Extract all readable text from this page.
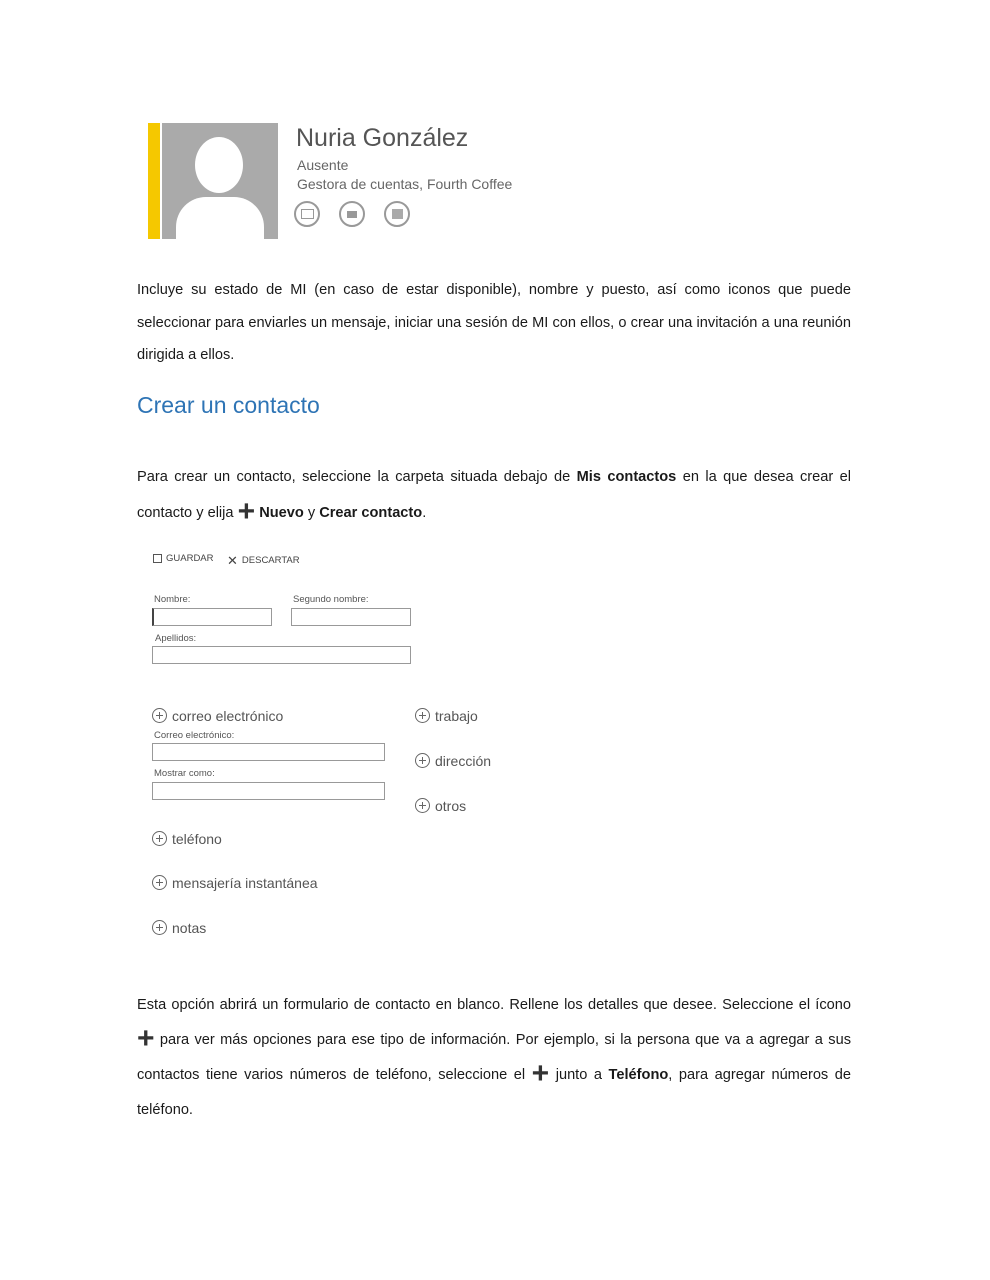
Nuria González
Ausente
Gestora de cuentas, Fourth Coffee

Incluye su estado de MI (en caso de estar disponible), nombre y puesto, así como iconos que puede seleccionar para enviarles un mensaje, iniciar una sesión de MI con ellos, o crear una invitación a una reunión dirigida a ellos.

Crear un contacto

Para crear un contacto, seleccione la carpeta situada debajo de Mis contactos en la que desea crear el contacto y elija + Nuevo y Crear contacto.

GUARDAR ✕ DESCARTAR
Nombre:	Segundo nombre:
Apellidos:
correo electrónico
Correo electrónico:
Mostrar como:
teléfono
mensajería instantánea
notas
trabajo
dirección
otros

Esta opción abrirá un formulario de contacto en blanco. Rellene los detalles que desee. Seleccione el ícono + para ver más opciones para ese tipo de información. Por ejemplo, si la persona que va a agregar a sus contactos tiene varios números de teléfono, seleccione el + junto a Teléfono, para agregar números de teléfono.
